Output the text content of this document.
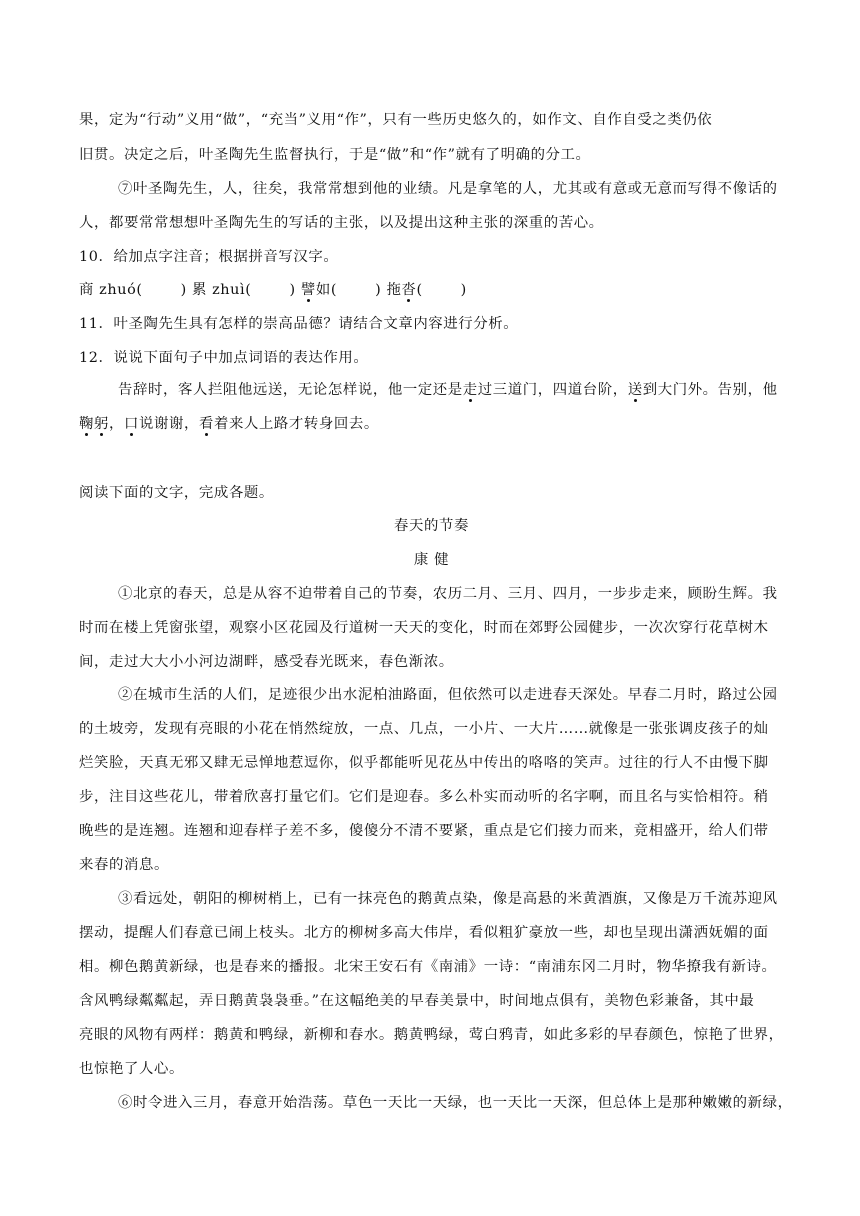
果，定为“行动”义用“做”，“充当”义用“作”，只有一些历史悠久的，如作文、自作自受之类仍依
旧贯。决定之后，叶圣陶先生监督执行，于是“做”和“作”就有了明确的分工。
⑦叶圣陶先生，人，往矣，我常常想到他的业绩。凡是拿笔的人，尤其或有意或无意而写得不像话的
人，都要常常想想叶圣陶先生的写话的主张，以及提出这种主张的深重的苦心。
10．给加点字注音；根据拼音写汉字。
商 zhuó(	) 累 zhuì(	) 譬如(	) 拖沓(	)
11．叶圣陶先生具有怎样的崇高品德？请结合文章内容进行分析。
12．说说下面句子中加点词语的表达作用。
告辞时，客人拦阻他远送，无论怎样说，他一定还是走过三道门，四道台阶，送到大门外。告别，他
鞠躬，口说谢谢，看着来人上路才转身回去。
阅读下面的文字，完成各题。
春天的节奏
康 健
①北京的春天，总是从容不迫带着自己的节奏，农历二月、三月、四月，一步步走来，顾盼生辉。我
时而在楼上凭窗张望，观察小区花园及行道树一天天的变化，时而在郊野公园健步，一次次穿行花草树木
间，走过大大小小河边湖畔，感受春光既来，春色渐浓。
②在城市生活的人们，足迹很少出水泥柏油路面，但依然可以走进春天深处。早春二月时，路过公园
的土坡旁，发现有亮眼的小花在悄然绽放，一点、几点，一小片、一大片……就像是一张张调皮孩子的灿
烂笑脸，天真无邪又肆无忌惮地惹逗你，似乎都能听见花丛中传出的咯咯的笑声。过往的行人不由慢下脚
步，注目这些花儿，带着欣喜打量它们。它们是迎春。多么朴实而动听的名字啊，而且名与实恰相符。稍
晚些的是连翘。连翘和迎春样子差不多，傻傻分不清不要紧，重点是它们接力而来，竞相盛开，给人们带
来春的消息。
③看远处，朝阳的柳树梢上，已有一抹亮色的鹅黄点染，像是高悬的米黄酒旗，又像是万千流苏迎风
摆动，提醒人们春意已闹上枝头。北方的柳树多高大伟岸，看似粗犷豪放一些，却也呈现出潇洒妩媚的面
相。柳色鹅黄新绿，也是春来的播报。北宋王安石有《南浦》一诗：“南浦东冈二月时，物华撩我有新诗。
含风鸭绿粼粼起，弄日鹅黄袅袅垂。”在这幅绝美的早春美景中，时间地点俱有，美物色彩兼备，其中最
亮眼的风物有两样：鹅黄和鸭绿，新柳和春水。鹅黄鸭绿，莺白鸦青，如此多彩的早春颜色，惊艳了世界，
也惊艳了人心。
⑥时令进入三月，春意开始浩荡。草色一天比一天绿，也一天比一天深，但总体上是那种嫩嫩的新绿，
